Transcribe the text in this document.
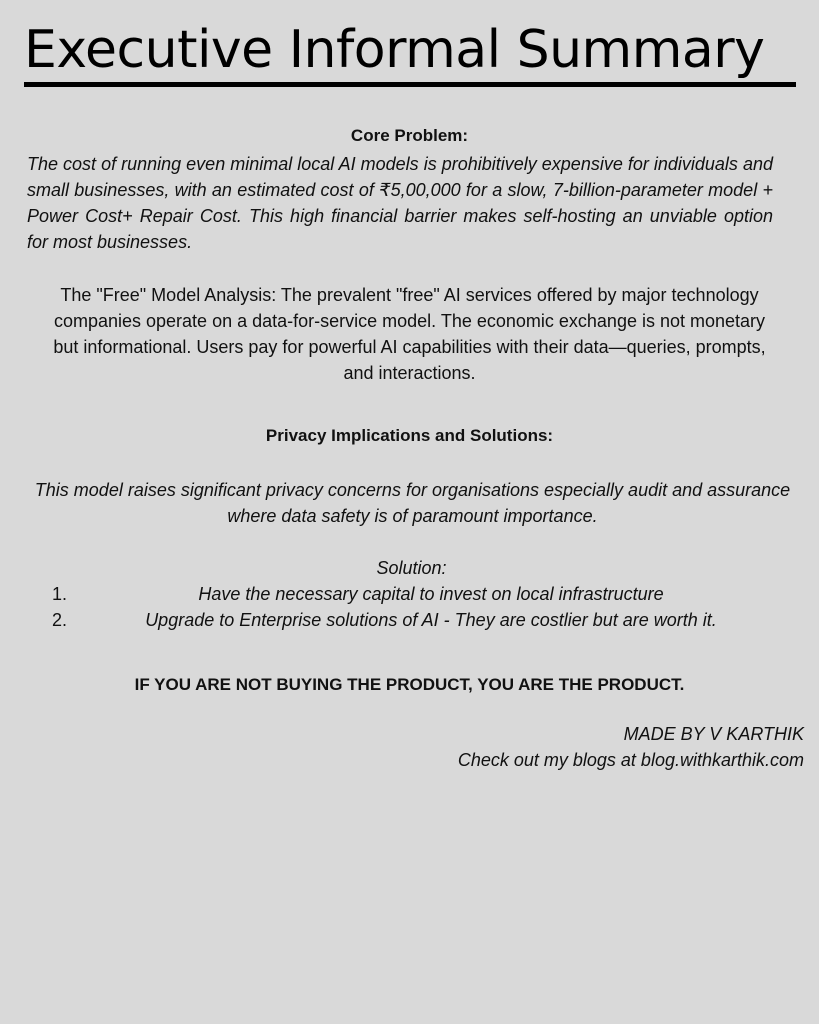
Executive Informal Summary
Core Problem:

The cost of running even minimal local AI models is prohibitively expensive for individuals and small businesses, with an estimated cost of ₹5,00,000 for a slow, 7-billion-parameter model + Power Cost+ Repair Cost. This high financial barrier makes self-hosting an unviable option for most businesses.

The "Free" Model Analysis: The prevalent "free" AI services offered by major technology companies operate on a data-for-service model. The economic exchange is not monetary but informational. Users pay for powerful AI capabilities with their data—queries, prompts, and interactions.

Privacy Implications and Solutions:

This model raises significant privacy concerns for organisations especially audit and assurance where data safety is of paramount importance.

Solution:

1.	Have the necessary capital to invest on local infrastructure
2.	Upgrade to Enterprise solutions of AI - They are costlier but are worth it.
IF YOU ARE NOT BUYING THE PRODUCT, YOU ARE THE PRODUCT.
MADE BY V KARTHIK
Check out my blogs at blog.withkarthik.com
